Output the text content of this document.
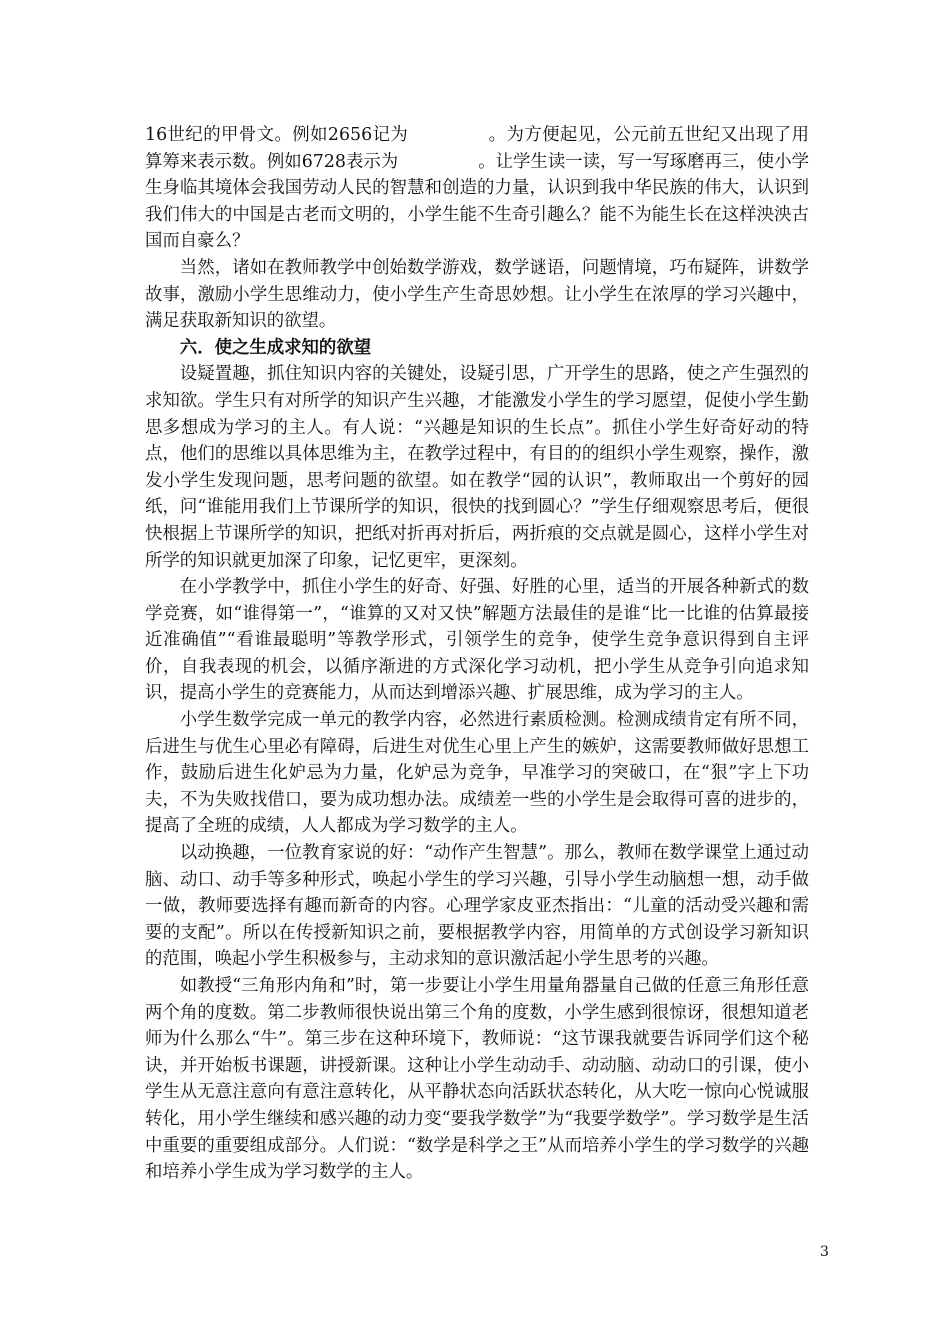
16世纪的甲骨文。例如2656记为	。为方便起见，公元前五世纪又出现了用算筹来表示数。例如6728表示为	。让学生读一读，写一写琢磨再三，使小学生身临其境体会我国劳动人民的智慧和创造的力量，认识到我中华民族的伟大，认识到我们伟大的中国是古老而文明的，小学生能不生奇引趣么？能不为能生长在这样泱泱古国而自豪么？

当然，诸如在教师教学中创始数学游戏，数学谜语，问题情境，巧布疑阵，讲数学故事，激励小学生思维动力，使小学生产生奇思妙想。让小学生在浓厚的学习兴趣中，满足获取新知识的欲望。

六．使之生成求知的欲望

设疑置趣，抓住知识内容的关键处，设疑引思，广开学生的思路，使之产生强烈的求知欲。学生只有对所学的知识产生兴趣，才能激发小学生的学习愿望，促使小学生勤思多想成为学习的主人。有人说：“兴趣是知识的生长点”。抓住小学生好奇好动的特点，他们的思维以具体思维为主，在教学过程中，有目的的组织小学生观察，操作，激发小学生发现问题，思考问题的欲望。如在教学“园的认识”，教师取出一个剪好的园纸，问“谁能用我们上节课所学的知识，很快的找到圆心？”学生仔细观察思考后，便很快根据上节课所学的知识，把纸对折再对折后，两折痕的交点就是圆心，这样小学生对所学的知识就更加深了印象，记忆更牢，更深刻。

在小学教学中，抓住小学生的好奇、好强、好胜的心里，适当的开展各种新式的数学竞赛，如“谁得第一”，“谁算的又对又快”解题方法最佳的是谁“比一比谁的估算最接近准确值”“看谁最聪明”等教学形式，引领学生的竞争，使学生竞争意识得到自主评价，自我表现的机会，以循序渐进的方式深化学习动机，把小学生从竞争引向追求知识，提高小学生的竞赛能力，从而达到增添兴趣、扩展思维，成为学习的主人。

小学生数学完成一单元的教学内容，必然进行素质检测。检测成绩肯定有所不同，后进生与优生心里必有障碍，后进生对优生心里上产生的嫉妒，这需要教师做好思想工作，鼓励后进生化妒忌为力量，化妒忌为竞争，早准学习的突破口，在“狠”字上下功夫，不为失败找借口，要为成功想办法。成绩差一些的小学生是会取得可喜的进步的，提高了全班的成绩，人人都成为学习数学的主人。

以动换趣，一位教育家说的好：“动作产生智慧”。那么，教师在数学课堂上通过动脑、动口、动手等多种形式，唤起小学生的学习兴趣，引导小学生动脑想一想，动手做一做，教师要选择有趣而新奇的内容。心理学家皮亚杰指出：“儿童的活动受兴趣和需要的支配”。所以在传授新知识之前，要根据教学内容，用简单的方式创设学习新知识的范围，唤起小学生积极参与，主动求知的意识激活起小学生思考的兴趣。

如教授“三角形内角和”时，第一步要让小学生用量角器量自己做的任意三角形任意两个角的度数。第二步教师很快说出第三个角的度数，小学生感到很惊讶，很想知道老师为什么那么“牛”。第三步在这种环境下，教师说：“这节课我就要告诉同学们这个秘诀，并开始板书课题，讲授新课。这种让小学生动动手、动动脑、动动口的引课，使小学生从无意注意向有意注意转化，从平静状态向活跃状态转化，从大吃一惊向心悦诚服转化，用小学生继续和感兴趣的动力变“要我学数学”为“我要学数学”。学习数学是生活中重要的重要组成部分。人们说：“数学是科学之王”从而培养小学生的学习数学的兴趣和培养小学生成为学习数学的主人。

3
